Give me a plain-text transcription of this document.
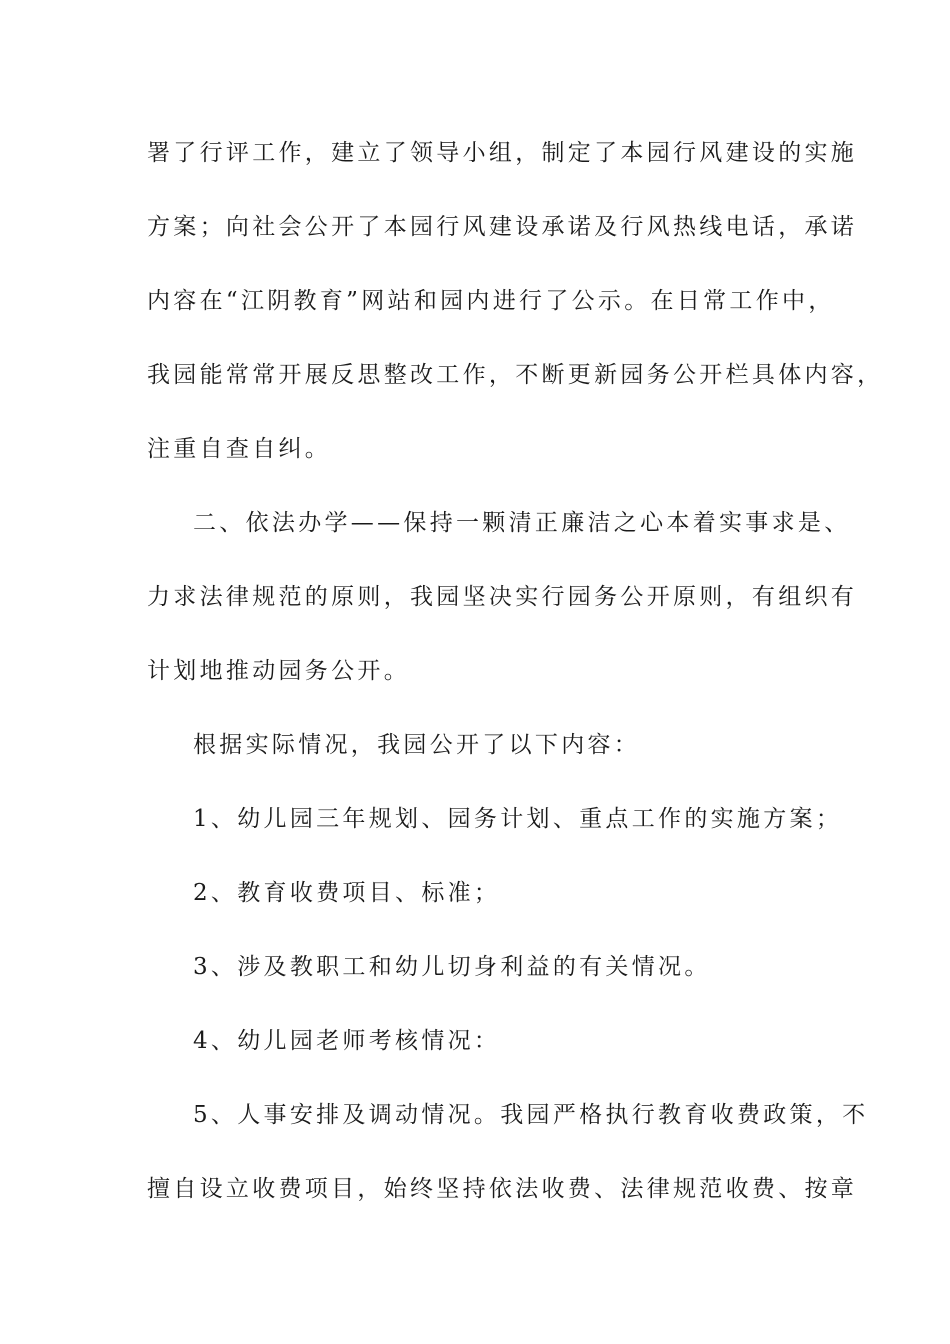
署了行评工作，建立了领导小组，制定了本园行风建设的实施

方案；向社会公开了本园行风建设承诺及行风热线电话，承诺

内容在“江阴教育”网站和园内进行了公示。在日常工作中，

我园能常常开展反思整改工作，不断更新园务公开栏具体内容，

注重自查自纠。

二、依法办学——保持一颗清正廉洁之心本着实事求是、

力求法律规范的原则，我园坚决实行园务公开原则，有组织有

计划地推动园务公开。

根据实际情况，我园公开了以下内容：

1、幼儿园三年规划、园务计划、重点工作的实施方案；

2、教育收费项目、标准；

3、涉及教职工和幼儿切身利益的有关情况。

4、幼儿园老师考核情况：

5、人事安排及调动情况。我园严格执行教育收费政策，不

擅自设立收费项目，始终坚持依法收费、法律规范收费、按章
